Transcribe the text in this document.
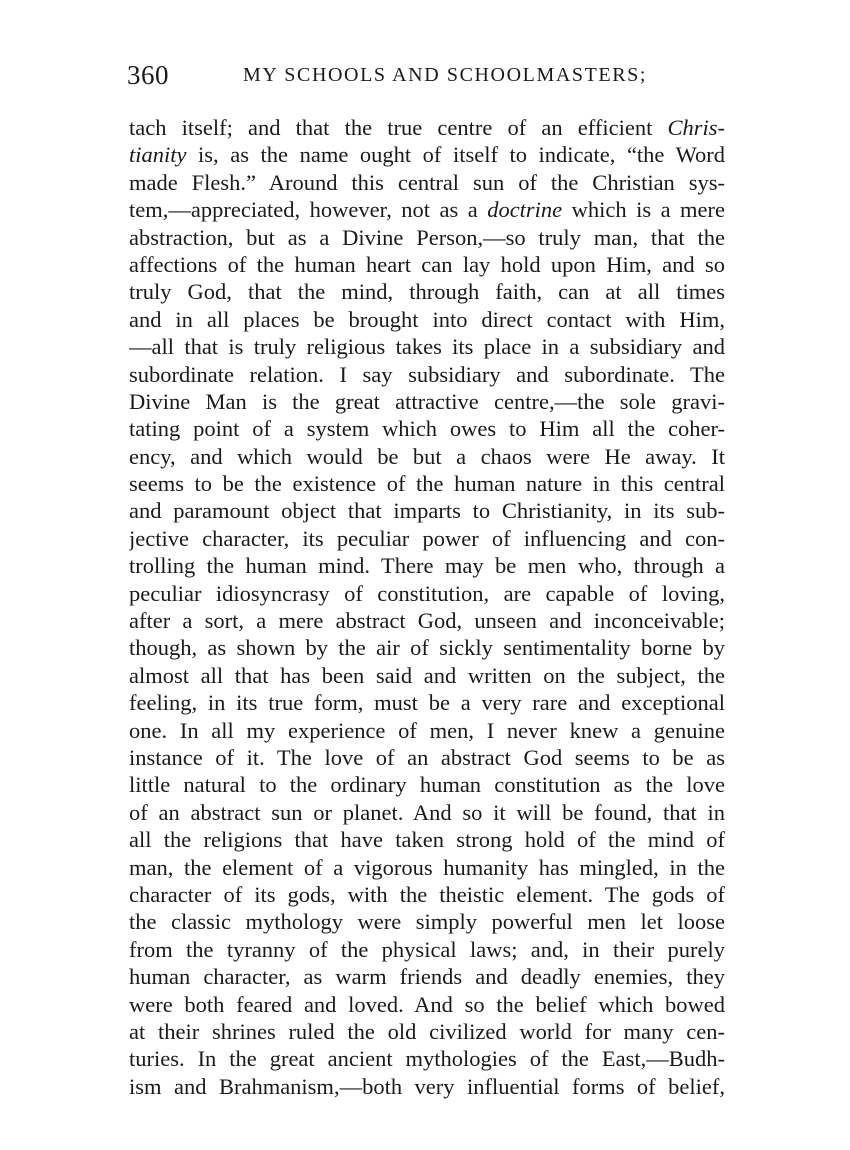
360	MY SCHOOLS AND SCHOOLMASTERS;
tach itself; and that the true centre of an efficient Chris-
tianity is, as the name ought of itself to indicate, “the Word
made Flesh.” Around this central sun of the Christian sys-
tem,—appreciated, however, not as a doctrine which is a mere
abstraction, but as a Divine Person,—so truly man, that the
affections of the human heart can lay hold upon Him, and so
truly God, that the mind, through faith, can at all times
and in all places be brought into direct contact with Him,
—all that is truly religious takes its place in a subsidiary and
subordinate relation. I say subsidiary and subordinate. The
Divine Man is the great attractive centre,—the sole gravi-
tating point of a system which owes to Him all the coher-
ency, and which would be but a chaos were He away. It
seems to be the existence of the human nature in this central
and paramount object that imparts to Christianity, in its sub-
jective character, its peculiar power of influencing and con-
trolling the human mind. There may be men who, through a
peculiar idiosyncrasy of constitution, are capable of loving,
after a sort, a mere abstract God, unseen and inconceivable;
though, as shown by the air of sickly sentimentality borne by
almost all that has been said and written on the subject, the
feeling, in its true form, must be a very rare and exceptional
one. In all my experience of men, I never knew a genuine
instance of it. The love of an abstract God seems to be as
little natural to the ordinary human constitution as the love
of an abstract sun or planet. And so it will be found, that in
all the religions that have taken strong hold of the mind of
man, the element of a vigorous humanity has mingled, in the
character of its gods, with the theistic element. The gods of
the classic mythology were simply powerful men let loose
from the tyranny of the physical laws; and, in their purely
human character, as warm friends and deadly enemies, they
were both feared and loved. And so the belief which bowed
at their shrines ruled the old civilized world for many cen-
turies. In the great ancient mythologies of the East,—Budh-
ism and Brahmanism,—both very influential forms of belief,
